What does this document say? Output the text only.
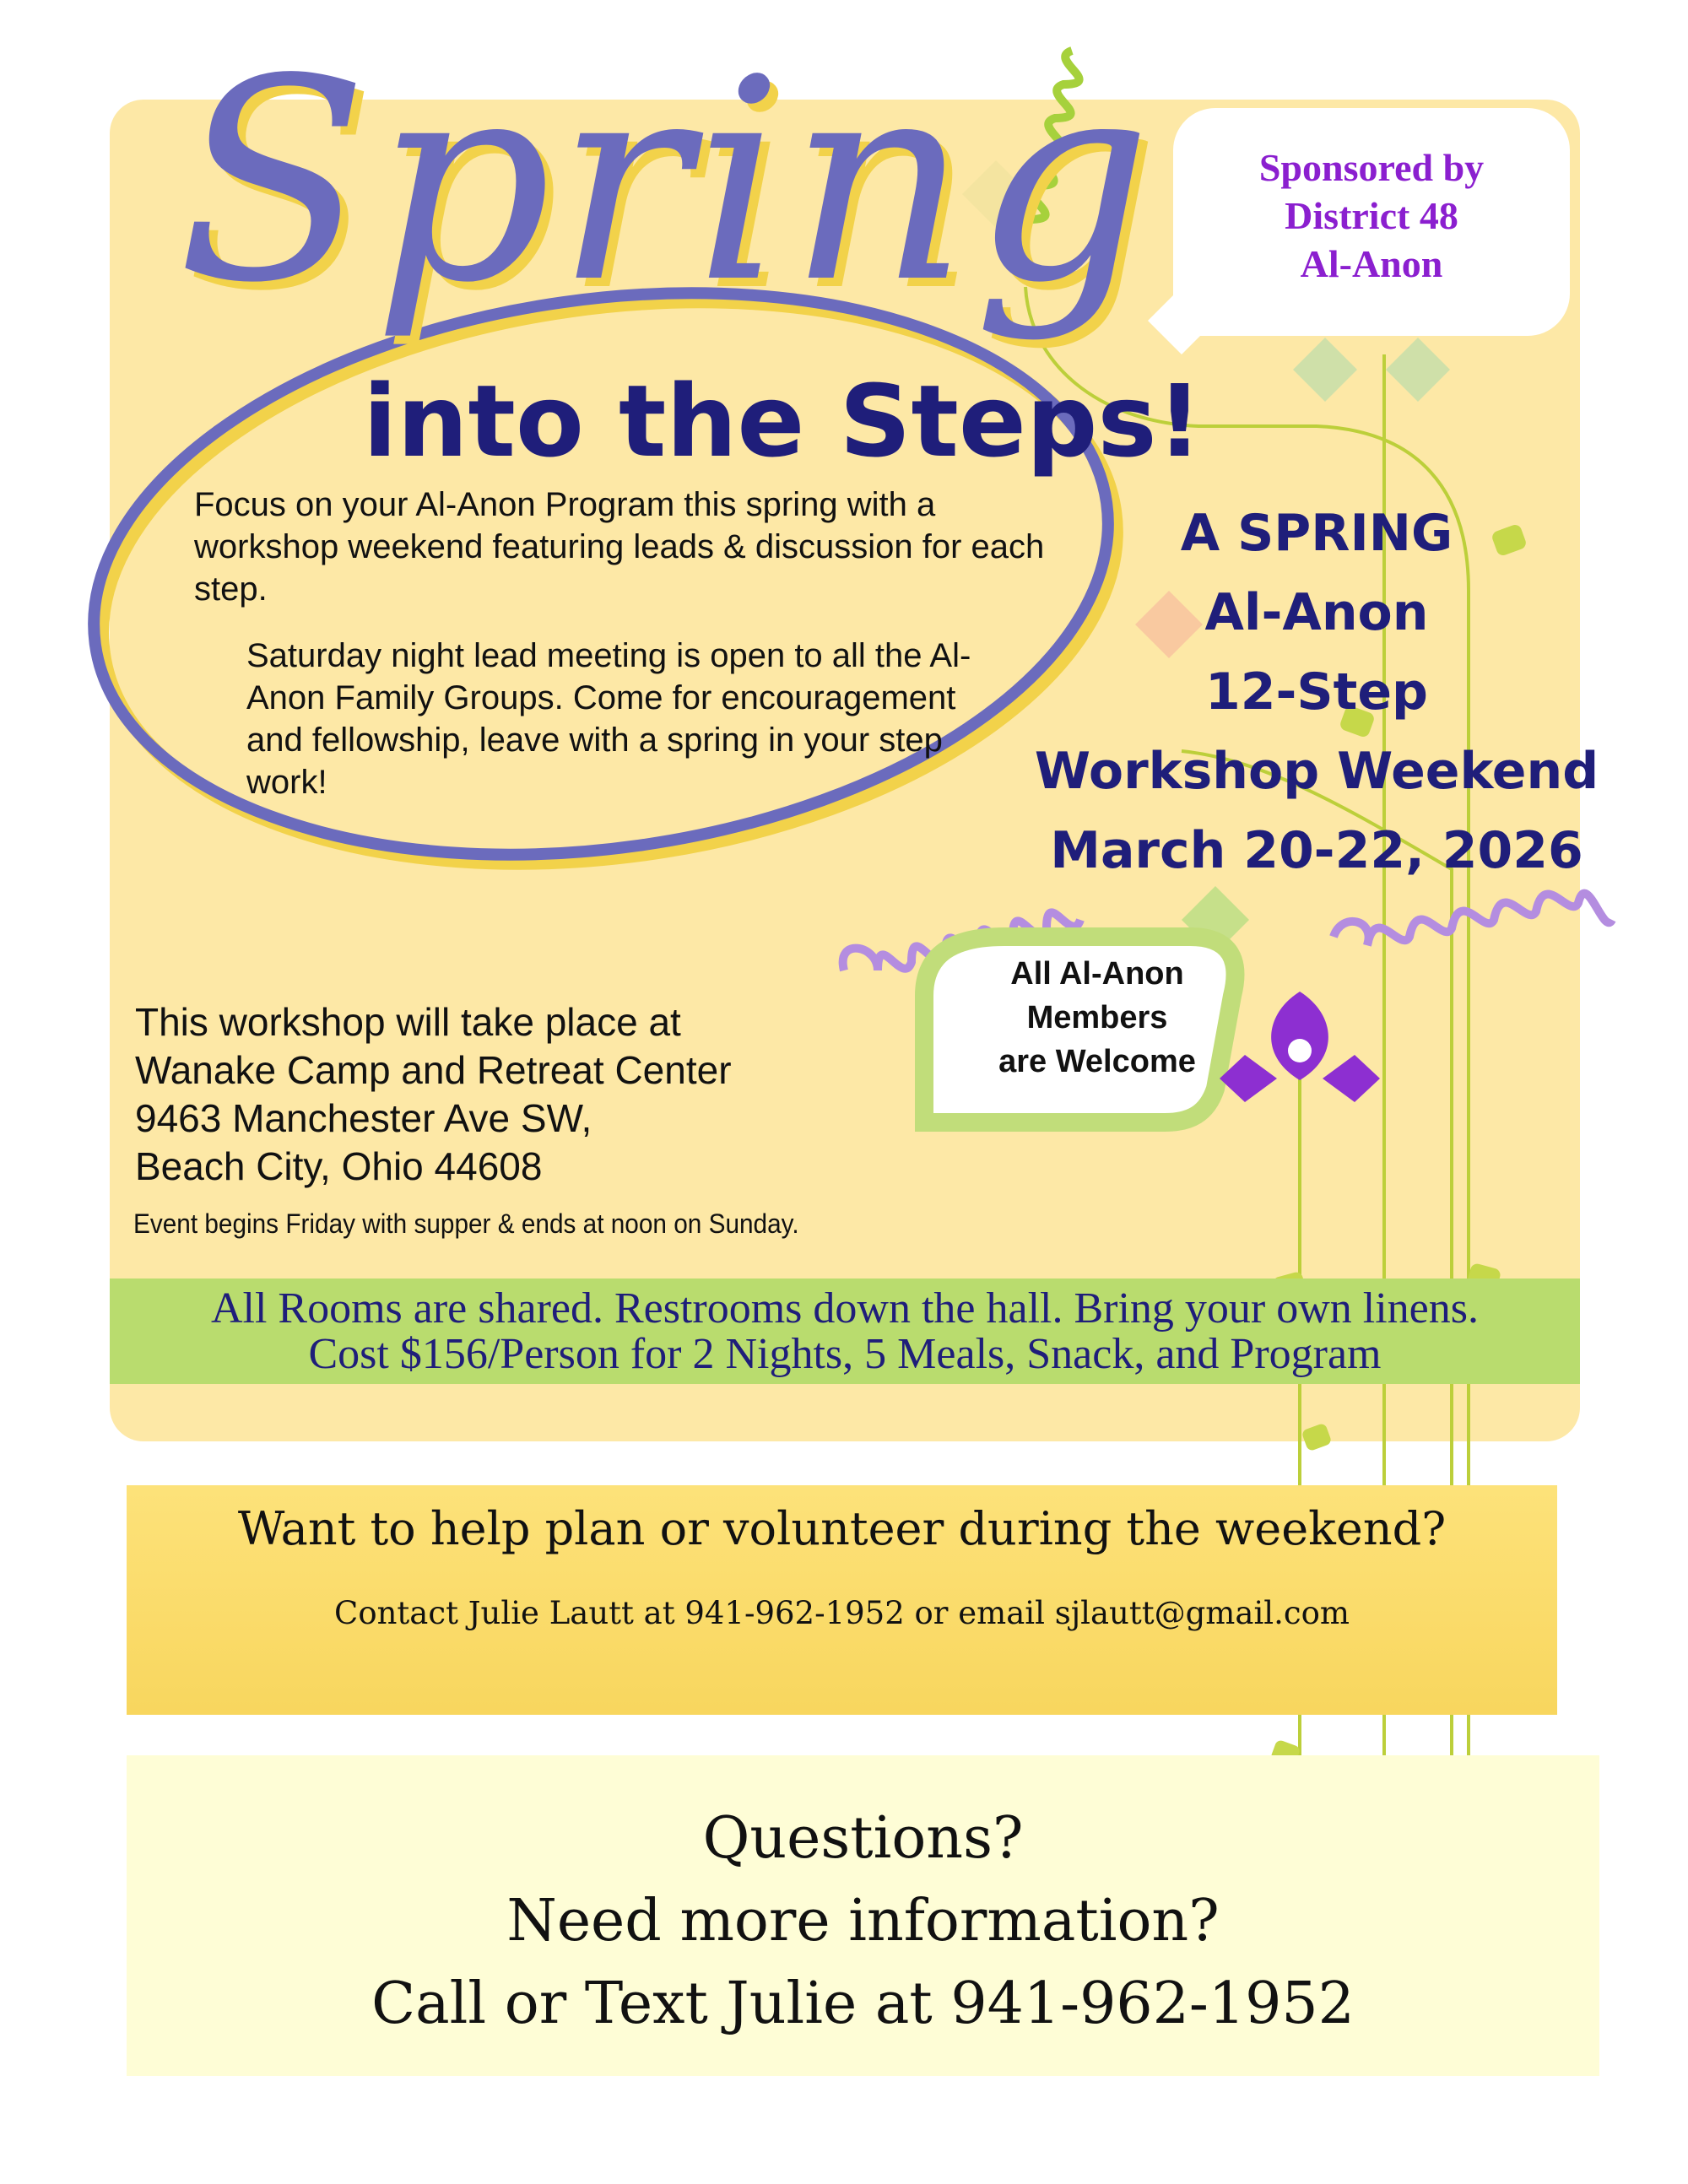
Spring
into the Steps!
Focus on your Al-Anon Program this spring with a workshop weekend featuring leads & discussion for each step.
Saturday night lead meeting is open to all the Al-Anon Family Groups. Come for encouragement and fellowship, leave with a spring in your step work!
Sponsored by
District 48
Al-Anon
A SPRING
Al-Anon
12-Step
Workshop Weekend
March 20-22, 2026
All Al-Anon
Members
are Welcome
This workshop will take place at
Wanake Camp and Retreat Center
9463 Manchester Ave SW,
Beach City, Ohio 44608
Event begins Friday with supper & ends at noon on Sunday.
All Rooms are shared. Restrooms down the hall. Bring your own linens.
Cost $156/Person for 2 Nights, 5 Meals, Snack, and Program
Want to help plan or volunteer during the weekend?
Contact Julie Lautt at 941-962-1952 or email sjlautt@gmail.com
Questions?
Need more information?
Call or Text Julie at 941-962-1952
